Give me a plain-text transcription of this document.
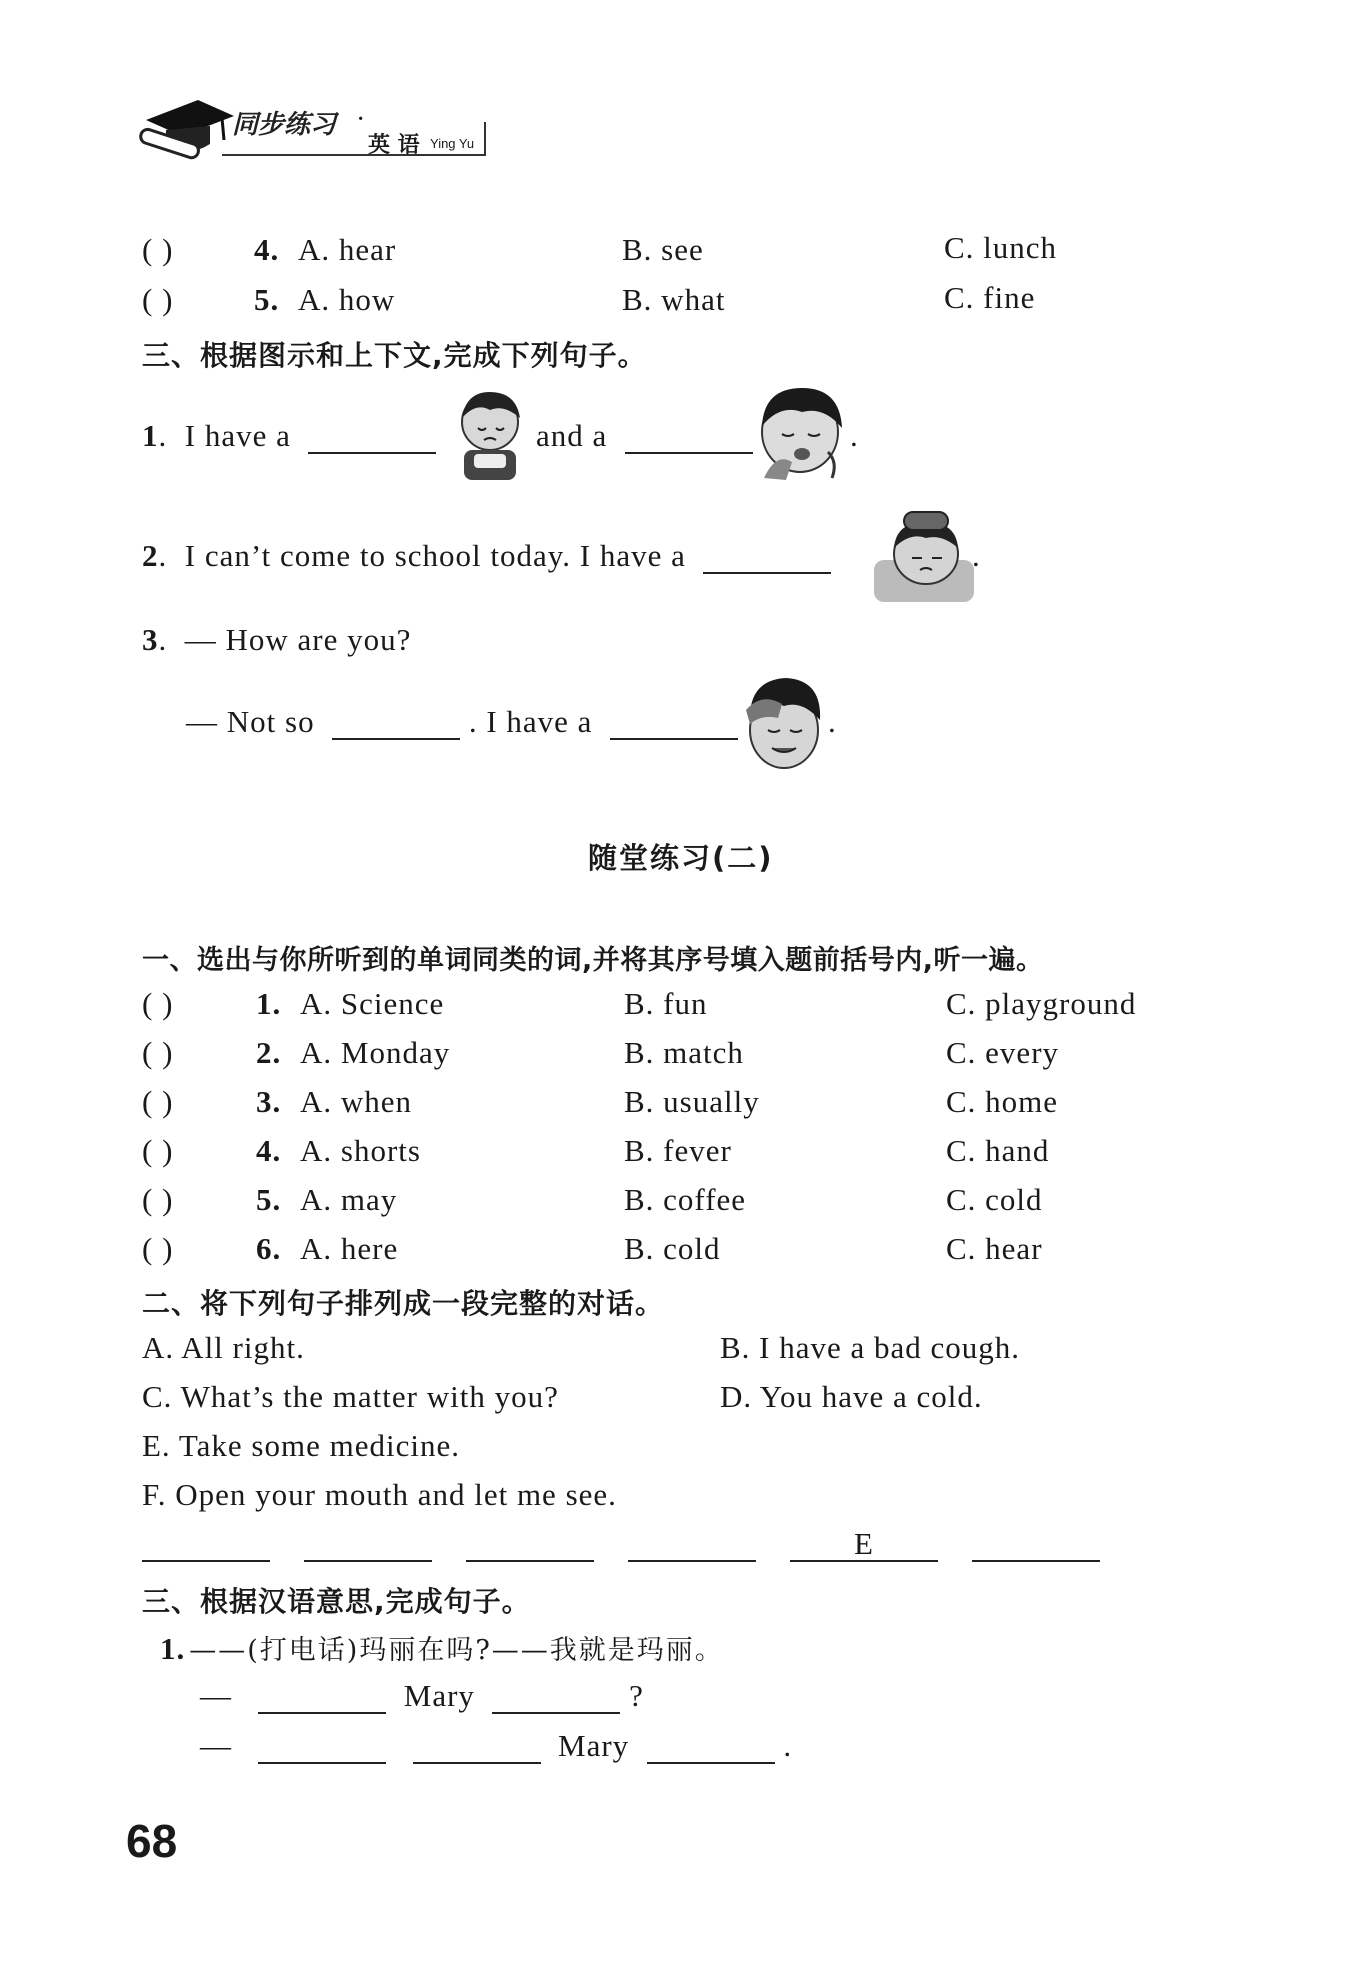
同步练习 ·
英 语 Ying Yu
( )	4. A. hear	B. see	C. lunch
( )	5. A. how	B. what	C. fine
三、根据图示和上下文,完成下列句子。
1.  I have a	and a	.
2.  I can’t come to school today. I have a	.
3.  — How are you?
— Not so	. I have a	.
随堂练习(二)
一、选出与你所听到的单词同类的词,并将其序号填入题前括号内,听一遍。
( )	1. A. Science	B. fun	C. playground
( )	2. A. Monday	B. match	C. every
( )	3. A. when	B. usually	C. home
( )	4. A. shorts	B. fever	C. hand
( )	5. A. may	B. coffee	C. cold
( )	6. A. here	B. cold	C. hear
二、将下列句子排列成一段完整的对话。
A. All right.	B. I have a bad cough.
C. What’s the matter with you?	D. You have a cold.
E. Take some medicine.
F. Open your mouth and let me see.
E
三、根据汉语意思,完成句子。
1. ——(打电话)玛丽在吗?——我就是玛丽。
—	Mary	?
—	Mary	.
68
